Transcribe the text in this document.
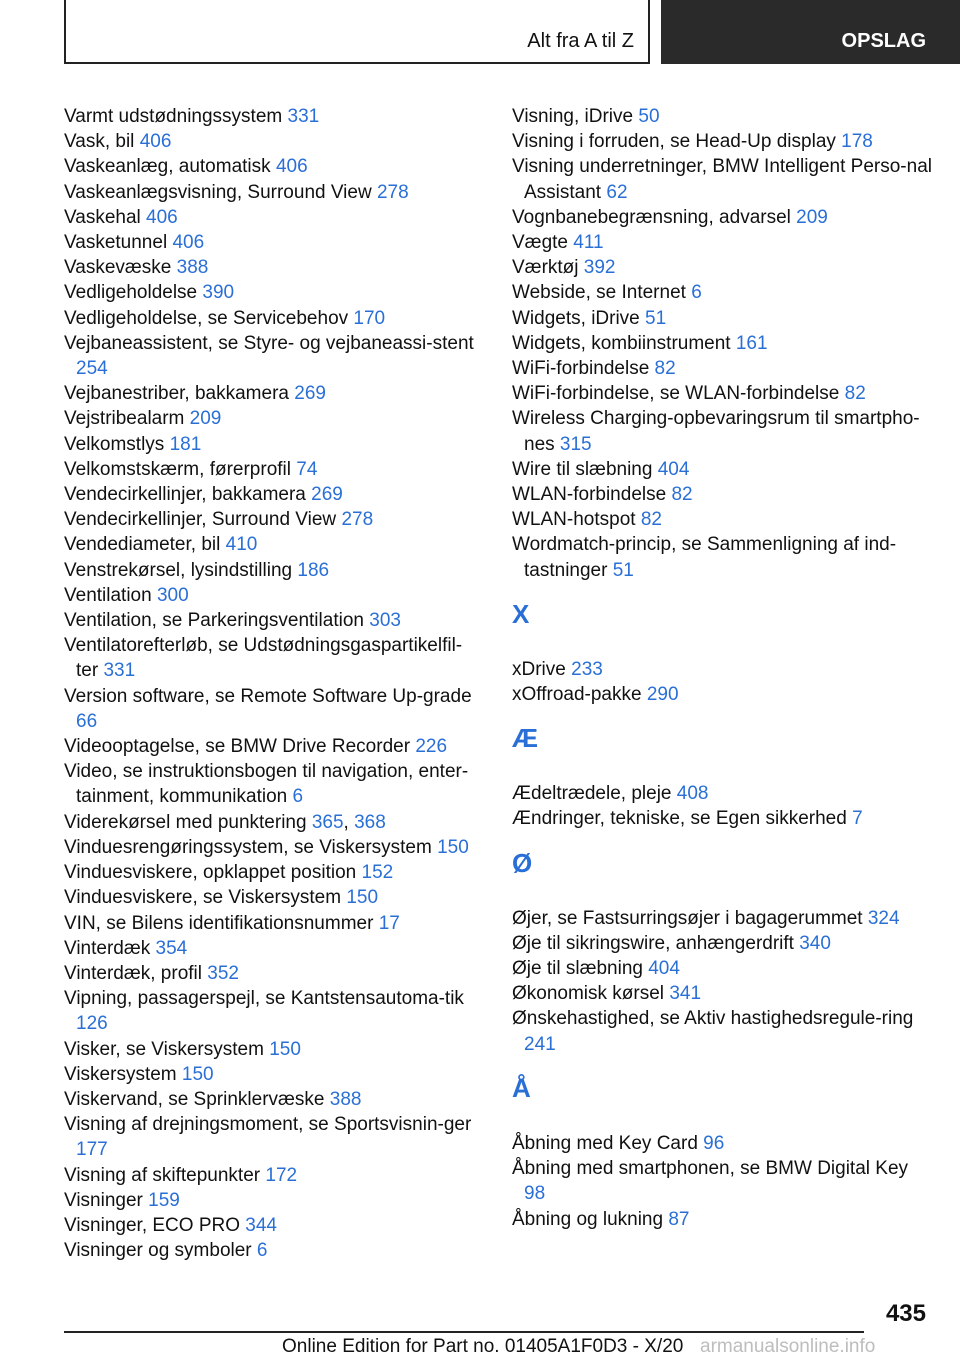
Alt fra A til Z	OPSLAG
Varmt udstødningssystem 331
Vask, bil 406
Vaskeanlæg, automatisk 406
Vaskeanlægsvisning, Surround View 278
Vaskehal 406
Vasketunnel 406
Vaskevæske 388
Vedligeholdelse 390
Vedligeholdelse, se Servicebehov 170
Vejbaneassistent, se Styre- og vejbaneassi-stent 254
Vejbanestriber, bakkamera 269
Vejstribealarm 209
Velkomstlys 181
Velkomstskærm, førerprofil 74
Vendecirkellinjer, bakkamera 269
Vendecirkellinjer, Surround View 278
Vendediameter, bil 410
Venstrekørsel, lysindstilling 186
Ventilation 300
Ventilation, se Parkeringsventilation 303
Ventilatorefterløb, se Udstødningsgaspartikelfil-ter 331
Version software, se Remote Software Up-grade 66
Videooptagelse, se BMW Drive Recorder 226
Video, se instruktionsbogen til navigation, enter-tainment, kommunikation 6
Viderekørsel med punktering 365, 368
Vinduesrengøringssystem, se Viskersystem 150
Vinduesviskere, opklappet position 152
Vinduesviskere, se Viskersystem 150
VIN, se Bilens identifikationsnummer 17
Vinterdæk 354
Vinterdæk, profil 352
Vipning, passagerspejl, se Kantstensautoma-tik 126
Visker, se Viskersystem 150
Viskersystem 150
Viskervand, se Sprinklervæske 388
Visning af drejningsmoment, se Sportsvisnin-ger 177
Visning af skiftepunkter 172
Visninger 159
Visninger, ECO PRO 344
Visninger og symboler 6
Visning, iDrive 50
Visning i forruden, se Head-Up display 178
Visning underretninger, BMW Intelligent Perso-nal Assistant 62
Vognbanebegrænsning, advarsel 209
Vægte 411
Værktøj 392
Webside, se Internet 6
Widgets, iDrive 51
Widgets, kombiinstrument 161
WiFi-forbindelse 82
WiFi-forbindelse, se WLAN-forbindelse 82
Wireless Charging-opbevaringsrum til smartpho-nes 315
Wire til slæbning 404
WLAN-forbindelse 82
WLAN-hotspot 82
Wordmatch-princip, se Sammenligning af ind-tastninger 51
X
xDrive 233
xOffroad-pakke 290
Æ
Ædeltrædele, pleje 408
Ændringer, tekniske, se Egen sikkerhed 7
Ø
Øjer, se Fastsurringsøjer i bagagerummet 324
Øje til sikringswire, anhængerdrift 340
Øje til slæbning 404
Økonomisk kørsel 341
Ønskehastighed, se Aktiv hastighedsregule-ring 241
Å
Åbning med Key Card 96
Åbning med smartphonen, se BMW Digital Key 98
Åbning og lukning 87
435
Online Edition for Part no. 01405A1F0D3 - X/20 armanualsonline.info
